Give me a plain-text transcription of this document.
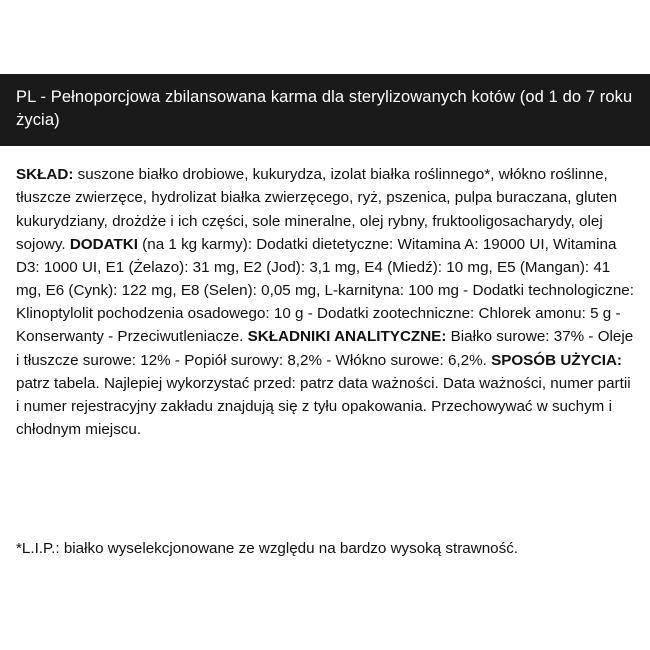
PL - Pełnoporcjowa zbilansowana karma dla sterylizowanych kotów (od 1 do 7 roku życia)

SKŁAD: suszone białko drobiowe, kukurydza, izolat białka roślinnego*, włókno roślinne, tłuszcze zwierzęce, hydrolizat białka zwierzęcego, ryż, pszenica, pulpa buraczana, gluten kukurydziany, drożdże i ich części, sole mineralne, olej rybny, fruktooligosacharydy, olej sojowy. DODATKI (na 1 kg karmy): Dodatki dietetyczne: Witamina A: 19000 UI, Witamina D3: 1000 UI, E1 (Żelazo): 31 mg, E2 (Jod): 3,1 mg, E4 (Miedź): 10 mg, E5 (Mangan): 41 mg, E6 (Cynk): 122 mg, E8 (Selen): 0,05 mg, L-karnityna: 100 mg - Dodatki technologiczne: Klinoptylolit pochodzenia osadowego: 10 g - Dodatki zootechniczne: Chlorek amonu: 5 g - Konserwanty - Przeciwutleniacze. SKŁADNIKI ANALITYCZNE: Białko surowe: 37% - Oleje i tłuszcze surowe: 12% - Popiół surowy: 8,2% - Włókno surowe: 6,2%. SPOSÓB UŻYCIA: patrz tabela. Najlepiej wykorzystać przed: patrz data ważności. Data ważności, numer partii i numer rejestracyjny zakładu znajdują się z tyłu opakowania. Przechowywać w suchym i chłodnym miejscu.

*L.I.P.: białko wyselekcjonowane ze względu na bardzo wysoką strawność.
